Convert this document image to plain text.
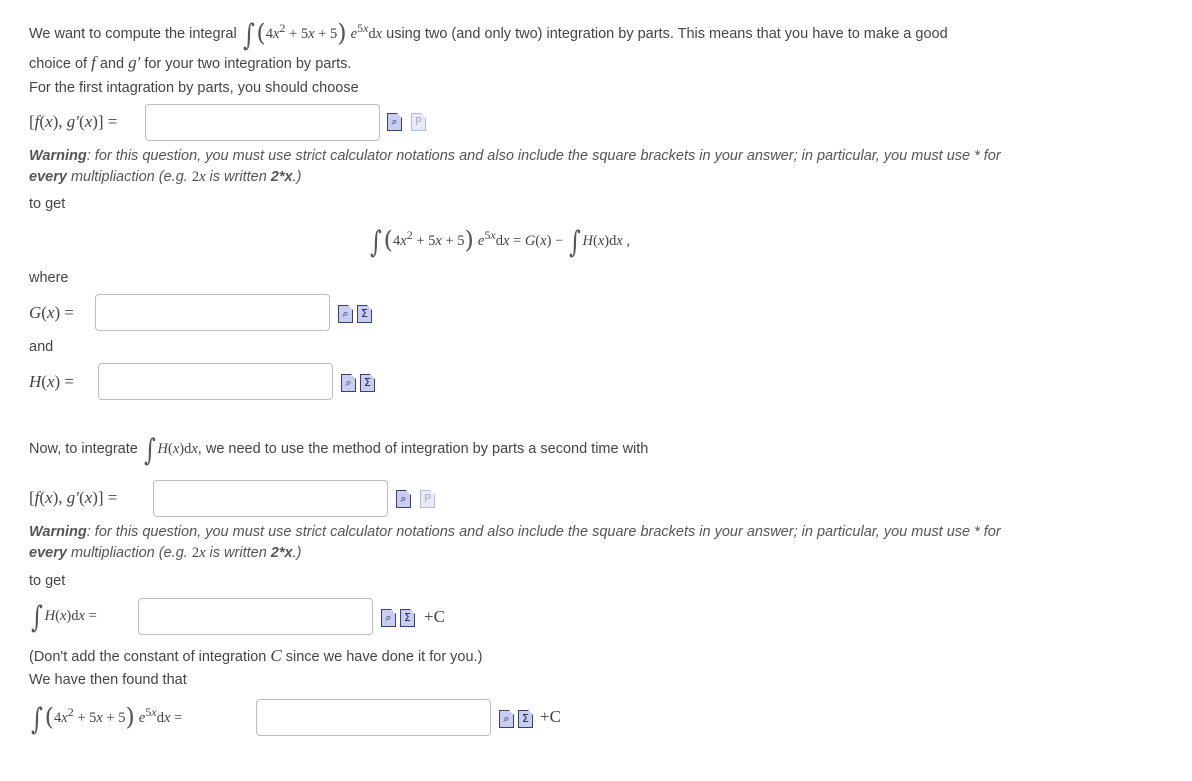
We want to compute the integral $\int(4x^2 + 5x + 5)$ $e^{5x}dx$ using two (and only two) integration by parts. This means that you have to make a good
choice of f and g′ for your two integration by parts.
For the first intagration by parts, you should choose
[f(x), g′(x)] =	⌕	P
Warning: for this question, you must use strict calculator notations and also include the square brackets in your answer; in particular, you must use * for
every multipliaction (e.g. 2x is written 2*x.)
to get
$\int(4x^2 + 5x + 5) e^{5x}dx = G(x)$ − ∫ H(x)dx ,
where
G(x) =	⌕	Σ
and
H(x) =	⌕	Σ
Now, to integrate ∫ H(x)dx, we need to use the method of integration by parts a second time with
[f(x), g′(x)] =	⌕	P
Warning: for this question, you must use strict calculator notations and also include the square brackets in your answer; in particular, you must use * for
every multipliaction (e.g. 2x is written 2*x.)
to get
∫ H(x)dx =	⌕	Σ +C
(Don't add the constant of integration C since we have done it for you.)
We have then found that
$\int(4x^2 + 5x + 5) e^{5x}dx$ =	⌕	Σ +C
